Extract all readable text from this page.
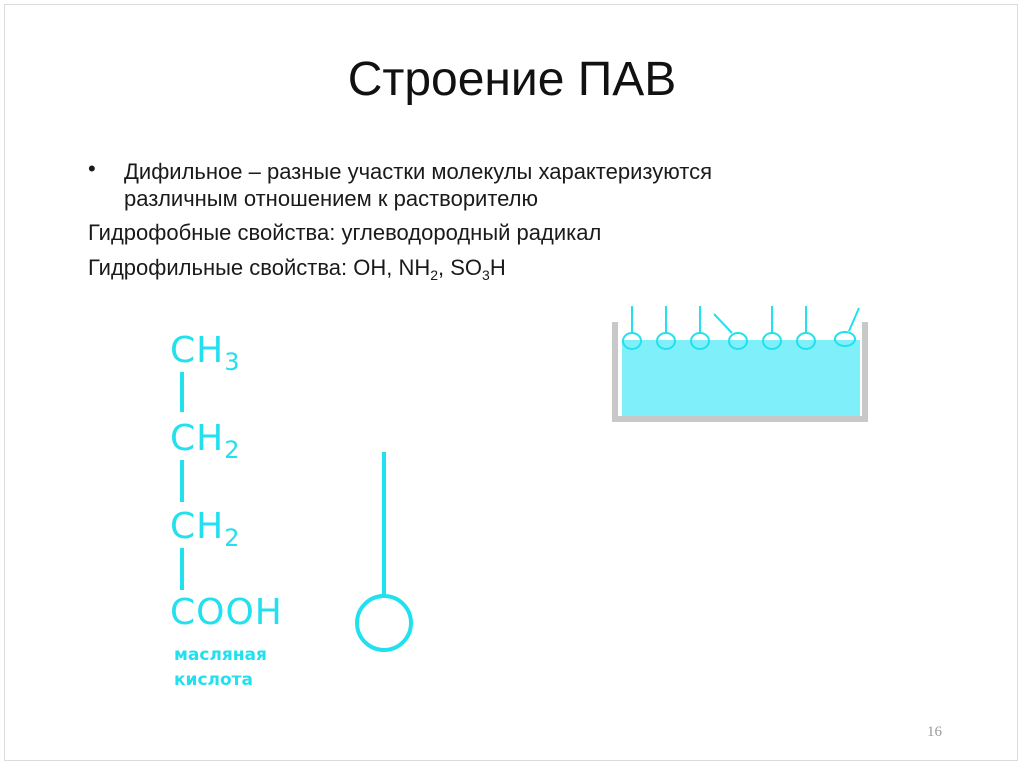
Строение ПАВ
• Дифильное – разные участки молекулы характеризуются
различным отношением к растворителю
Гидрофобные свойства: углеводородный радикал
Гидрофильные свойства: OH, $NH_2$, $SO_3H$
$CH_3$
$CH_2$
$CH_2$
COOH
масляная
кислота
16
